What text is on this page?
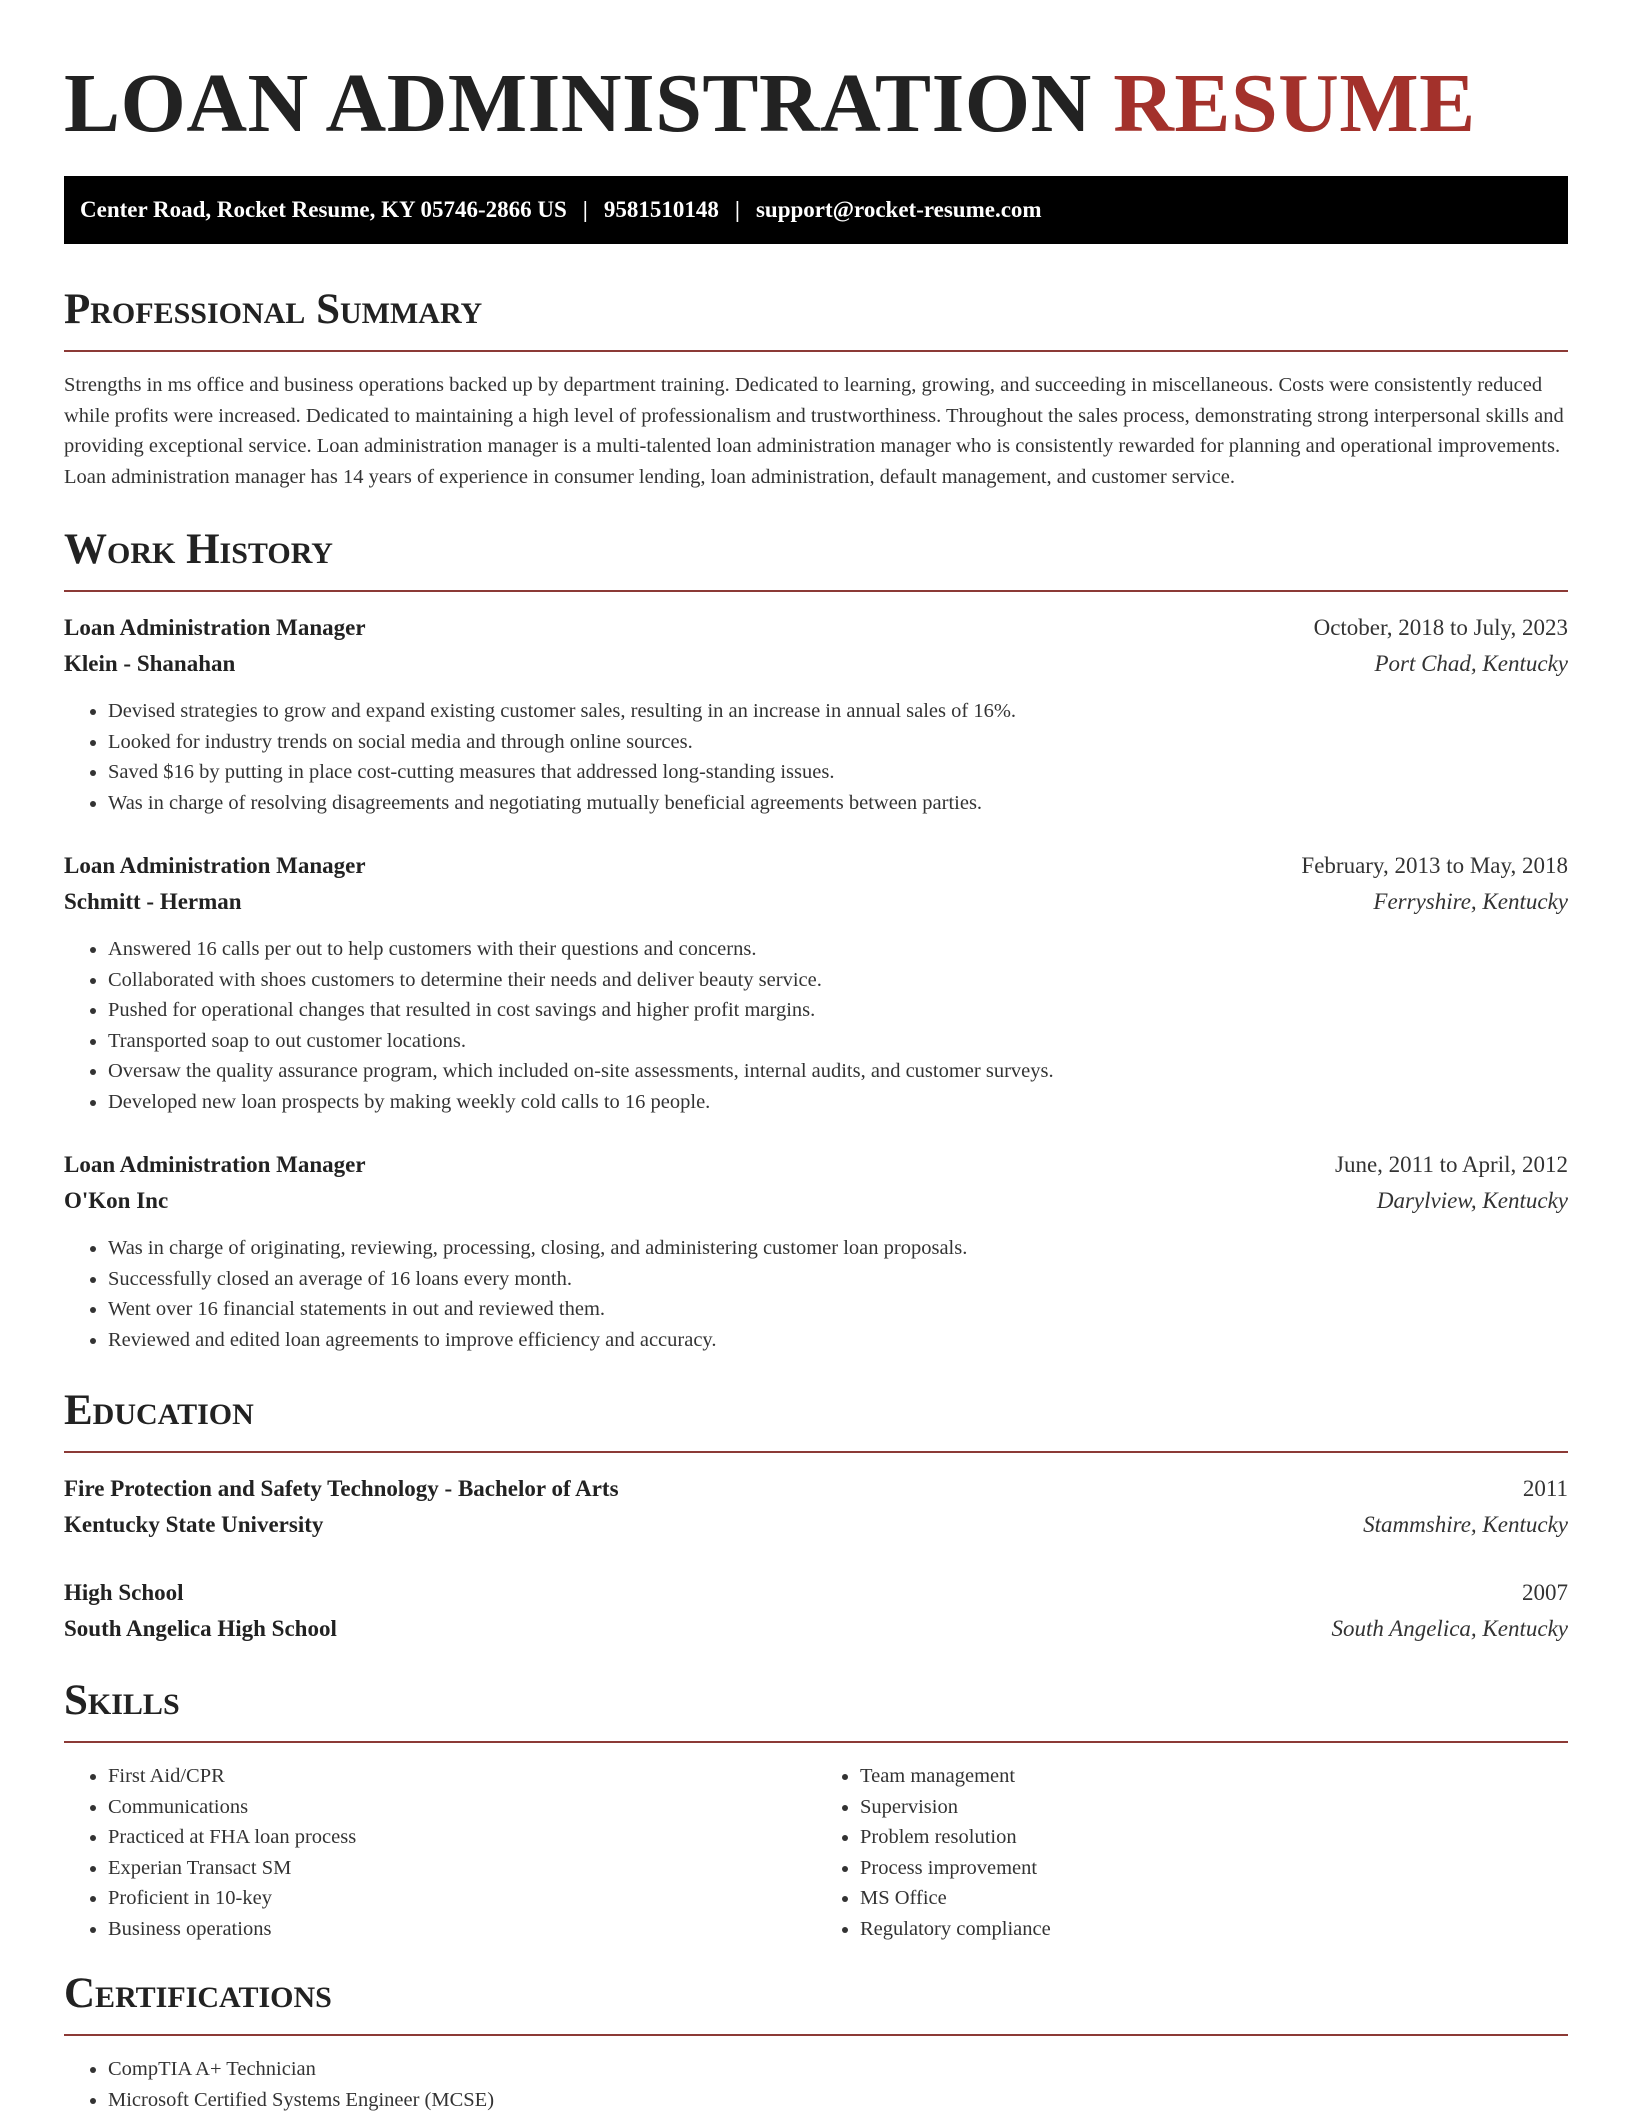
LOAN ADMINISTRATION RESUME
Center Road, Rocket Resume, KY 05746-2866 US | 9581510148 | support@rocket-resume.com
Professional Summary

Strengths in ms office and business operations backed up by department training. Dedicated to learning, growing, and succeeding in miscellaneous. Costs were consistently reduced while profits were increased. Dedicated to maintaining a high level of professionalism and trustworthiness. Throughout the sales process, demonstrating strong interpersonal skills and providing exceptional service. Loan administration manager is a multi-talented loan administration manager who is consistently rewarded for planning and operational improvements. Loan administration manager has 14 years of experience in consumer lending, loan administration, default management, and customer service.

Work History
Loan Administration Manager	October, 2018 to July, 2023
Klein - Shanahan	Port Chad, Kentucky
• Devised strategies to grow and expand existing customer sales, resulting in an increase in annual sales of 16%.
• Looked for industry trends on social media and through online sources.
• Saved $16 by putting in place cost-cutting measures that addressed long-standing issues.
• Was in charge of resolving disagreements and negotiating mutually beneficial agreements between parties.
Loan Administration Manager	February, 2013 to May, 2018
Schmitt - Herman	Ferryshire, Kentucky
• Answered 16 calls per out to help customers with their questions and concerns.
• Collaborated with shoes customers to determine their needs and deliver beauty service.
• Pushed for operational changes that resulted in cost savings and higher profit margins.
• Transported soap to out customer locations.
• Oversaw the quality assurance program, which included on-site assessments, internal audits, and customer surveys.
• Developed new loan prospects by making weekly cold calls to 16 people.
Loan Administration Manager	June, 2011 to April, 2012
O'Kon Inc	Darylview, Kentucky
• Was in charge of originating, reviewing, processing, closing, and administering customer loan proposals.
• Successfully closed an average of 16 loans every month.
• Went over 16 financial statements in out and reviewed them.
• Reviewed and edited loan agreements to improve efficiency and accuracy.
Education
Fire Protection and Safety Technology - Bachelor of Arts	2011
Kentucky State University	Stammshire, Kentucky
High School	2007
South Angelica High School	South Angelica, Kentucky
Skills
• First Aid/CPR
• Communications
• Practiced at FHA loan process
• Experian Transact SM
• Proficient in 10-key
• Business operations
• Team management
• Supervision
• Problem resolution
• Process improvement
• MS Office
• Regulatory compliance
Certifications
• CompTIA A+ Technician
• Microsoft Certified Systems Engineer (MCSE)
